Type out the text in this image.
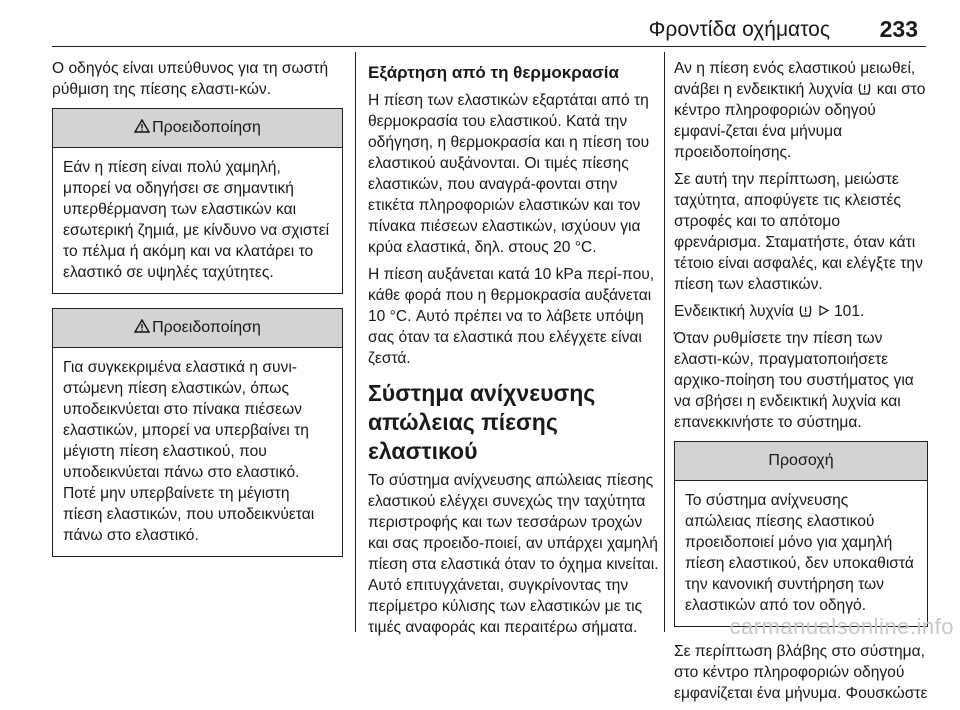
Φροντίδα οχήματος 233

Ο οδηγός είναι υπεύθυνος για τη σωστή ρύθμιση της πίεσης ελαστι-κών.

Προειδοποίηση
Εάν η πίεση είναι πολύ χαμηλή, μπορεί να οδηγήσει σε σημαντική υπερθέρμανση των ελαστικών και εσωτερική ζημιά, με κίνδυνο να σχιστεί το πέλμα ή ακόμη και να κλατάρει το ελαστικό σε υψηλές ταχύτητες.
Προειδοποίηση
Για συγκεκριμένα ελαστικά η συνι-στώμενη πίεση ελαστικών, όπως υποδεικνύεται στο πίνακα πιέσεων ελαστικών, μπορεί να υπερβαίνει τη μέγιστη πίεση ελαστικού, που υποδεικνύεται πάνω στο ελαστικό. Ποτέ μην υπερβαίνετε τη μέγιστη πίεση ελαστικών, που υποδεικνύεται πάνω στο ελαστικό.
Εξάρτηση από τη θερμοκρασία

Η πίεση των ελαστικών εξαρτάται από τη θερμοκρασία του ελαστικού. Κατά την οδήγηση, η θερμοκρασία και η πίεση του ελαστικού αυξάνονται. Οι τιμές πίεσης ελαστικών, που αναγρά-φονται στην ετικέτα πληροφοριών ελαστικών και τον πίνακα πιέσεων ελαστικών, ισχύουν για κρύα ελαστικά, δηλ. στους 20 °C.

Η πίεση αυξάνεται κατά 10 kPa περί-που, κάθε φορά που η θερμοκρασία αυξάνεται 10 °C. Αυτό πρέπει να το λάβετε υπόψη σας όταν τα ελαστικά που ελέγχετε είναι ζεστά.

Σύστημα ανίχνευσης απώλειας πίεσης ελαστικού

Το σύστημα ανίχνευσης απώλειας πίεσης ελαστικού ελέγχει συνεχώς την ταχύτητα περιστροφής και των τεσσάρων τροχών και σας προειδο-ποιεί, αν υπάρχει χαμηλή πίεση στα ελαστικά όταν το όχημα κινείται. Αυτό επιτυγχάνεται, συγκρίνοντας την περίμετρο κύλισης των ελαστικών με τις τιμές αναφοράς και περαιτέρω σήματα.

Αν η πίεση ενός ελαστικού μειωθεί, ανάβει η ενδεικτική λυχνία και στο κέντρο πληροφοριών οδηγού εμφανί-ζεται ένα μήνυμα προειδοποίησης.

Σε αυτή την περίπτωση, μειώστε ταχύτητα, αποφύγετε τις κλειστές στροφές και το απότομο φρενάρισμα. Σταματήστε, όταν κάτι τέτοιο είναι ασφαλές, και ελέγξτε την πίεση των ελαστικών.

Ενδεικτική λυχνία	101.

Όταν ρυθμίσετε την πίεση των ελαστι-κών, πραγματοποιήσετε αρχικο-ποίηση του συστήματος για να σβήσει η ενδεικτική λυχνία και επανεκκινήστε το σύστημα.

Προσοχή
Το σύστημα ανίχνευσης απώλειας πίεσης ελαστικού προειδοποιεί μόνο για χαμηλή πίεση ελαστικού, δεν υποκαθιστά την κανονική συντήρηση των ελαστικών από τον οδηγό.

Σε περίπτωση βλάβης στο σύστημα, στο κέντρο πληροφοριών οδηγού εμφανίζεται ένα μήνυμα. Φουσκώστε

carmanualsonline.info
